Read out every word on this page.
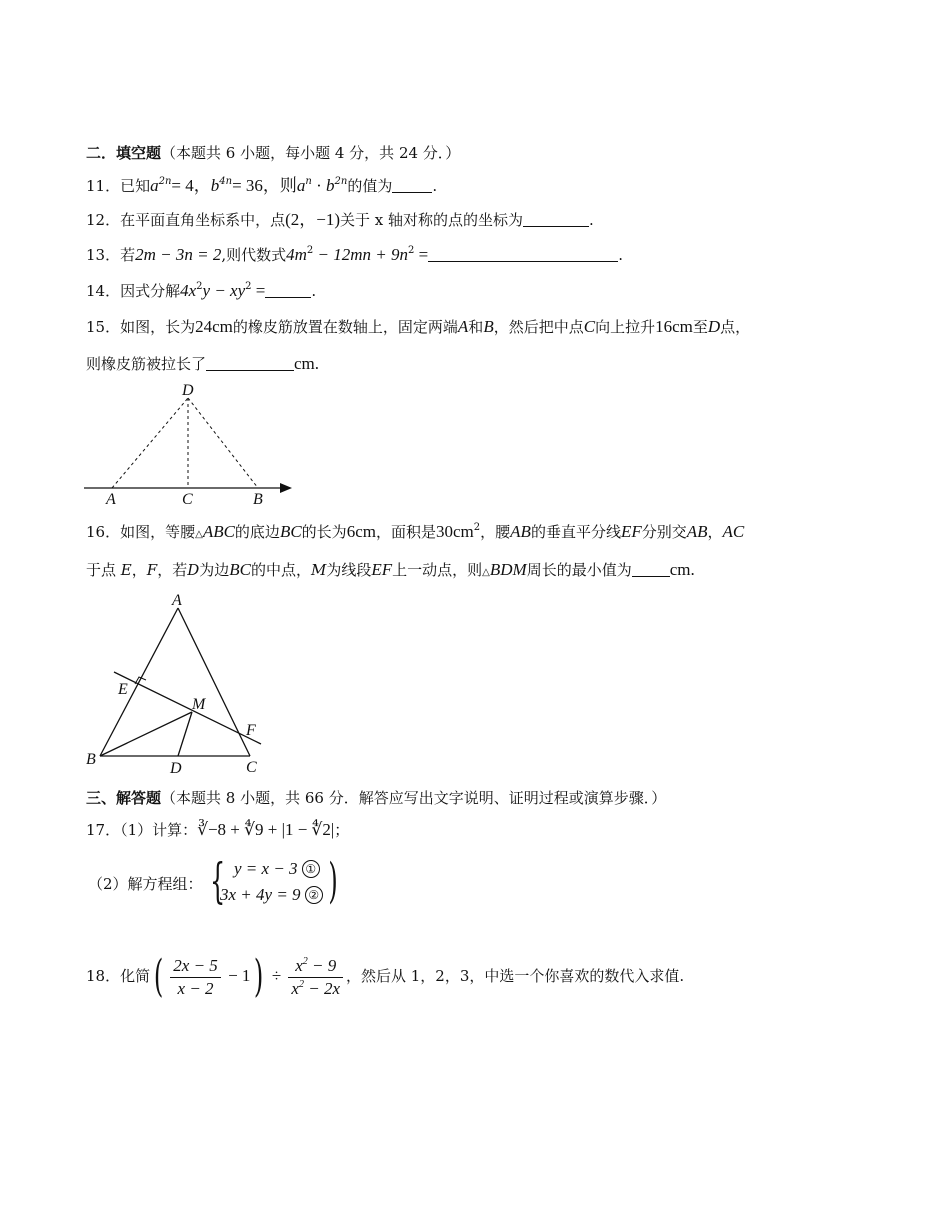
二．填空题（本题共 6 小题，每小题 4 分，共 24 分．）
11．已知$a^{2n}= 4$，$b^{4n}= 36$，则$a^n \cdot b^{2n}$的值为	.
12．在平面直角坐标系中，点(2，−1)关于 x 轴对称的点的坐标为	.
13．若2m − 3n = 2,则代数式$4m^2 - 12mn + 9n^2$ =	.
14．因式分解$4x^2y - xy^2$ =	.
15．如图，长为24cm的橡皮筋放置在数轴上，固定两端A和B，然后把中点C向上拉升16cm至D点，
则橡皮筋被拉长了	cm.
D
A	C	B
16．如图，等腰△ABC的底边BC的长为6cm，面积是$30cm^2$，腰AB的垂直平分线EF分别交AB，AC
于点 E，F，若D为边BC的中点，M为线段EF上一动点，则△BDM周长的最小值为 cm.
A
E
M
F
B
D	C
三、解答题（本题共 8 小题，共 66 分．解答应写出文字说明、证明过程或演算步骤．）
17．（1）计算：∛−8 + ∜9 + |1 − ∜2|；
（2）解方程组： { )
y = x − 3 ①
3x + 4y = 9 ②
18．化简( $\frac{2x - 5}{x - 2} - 1) \div \frac{x^2 - 9}{x^2 - 2x}$ ，然后从 1，2，3，中选一个你喜欢的数代入求值.
